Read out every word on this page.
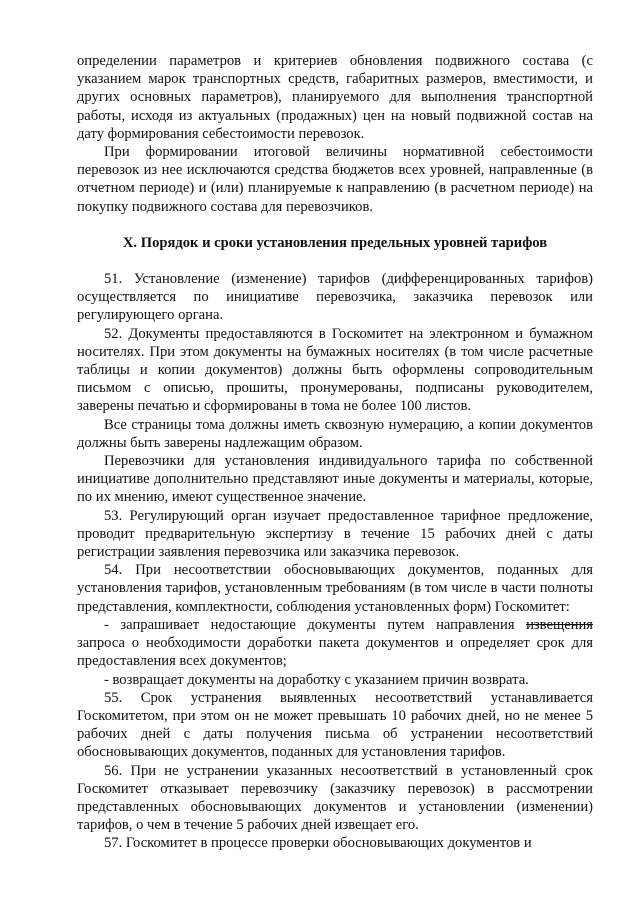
определении параметров и критериев обновления подвижного состава (с указанием марок транспортных средств, габаритных размеров, вместимости, и других основных параметров), планируемого для выполнения транспортной работы, исходя из актуальных (продажных) цен на новый подвижной состав на дату формирования себестоимости перевозок.

При формировании итоговой величины нормативной себестоимости перевозок из нее исключаются средства бюджетов всех уровней, направленные (в отчетном периоде) и (или) планируемые к направлению (в расчетном периоде) на покупку подвижного состава для перевозчиков.

X. Порядок и сроки установления предельных уровней тарифов

51. Установление (изменение) тарифов (дифференцированных тарифов) осуществляется по инициативе перевозчика, заказчика перевозок или регулирующего органа.

52. Документы предоставляются в Госкомитет на электронном и бумажном носителях. При этом документы на бумажных носителях (в том числе расчетные таблицы и копии документов) должны быть оформлены сопроводительным письмом с описью, прошиты, пронумерованы, подписаны руководителем, заверены печатью и сформированы в тома не более 100 листов.

Все страницы тома должны иметь сквозную нумерацию, а копии документов должны быть заверены надлежащим образом.

Перевозчики для установления индивидуального тарифа по собственной инициативе дополнительно представляют иные документы и материалы, которые, по их мнению, имеют существенное значение.

53. Регулирующий орган изучает предоставленное тарифное предложение, проводит предварительную экспертизу в течение 15 рабочих дней с даты регистрации заявления перевозчика или заказчика перевозок.

54. При несоответствии обосновывающих документов, поданных для установления тарифов, установленным требованиям (в том числе в части полноты представления, комплектности, соблюдения установленных форм) Госкомитет:

- запрашивает недостающие документы путем направления извещения запроса о необходимости доработки пакета документов и определяет срок для предоставления всех документов;

- возвращает документы на доработку с указанием причин возврата.

55. Срок устранения выявленных несоответствий устанавливается Госкомитетом, при этом он не может превышать 10 рабочих дней, но не менее 5 рабочих дней с даты получения письма об устранении несоответствий обосновывающих документов, поданных для установления тарифов.

56. При не устранении указанных несоответствий в установленный срок Госкомитет отказывает перевозчику (заказчику перевозок) в рассмотрении представленных обосновывающих документов и установлении (изменении) тарифов, о чем в течение 5 рабочих дней извещает его.

57. Госкомитет в процессе проверки обосновывающих документов и
